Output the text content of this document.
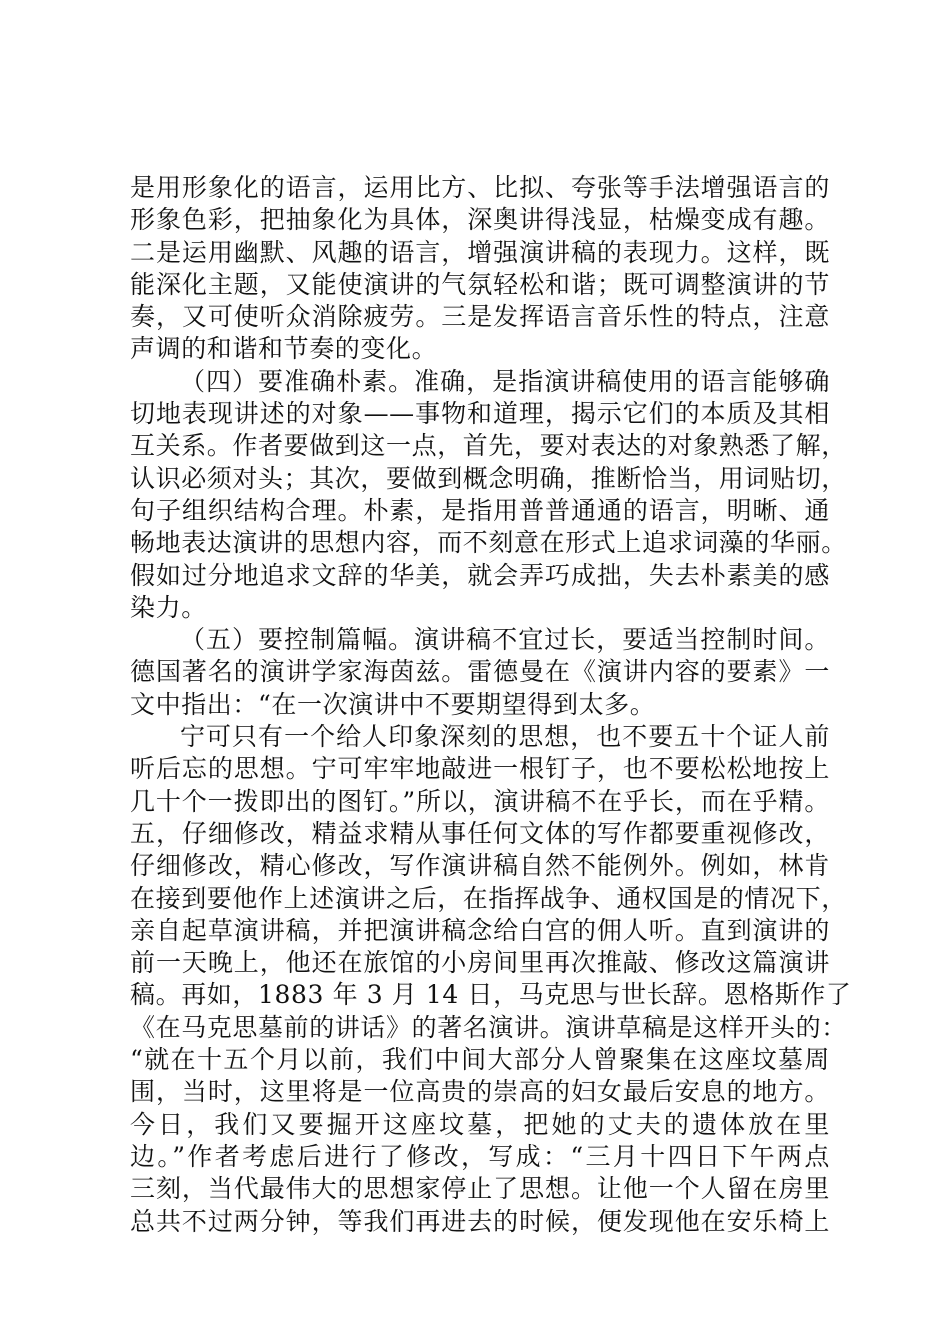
是用形象化的语言，运用比方、比拟、夸张等手法增强语言的
形象色彩，把抽象化为具体，深奥讲得浅显，枯燥变成有趣。
二是运用幽默、风趣的语言，增强演讲稿的表现力。这样，既
能深化主题，又能使演讲的气氛轻松和谐；既可调整演讲的节
奏，又可使听众消除疲劳。三是发挥语言音乐性的特点，注意
声调的和谐和节奏的变化。
（四）要准确朴素。准确，是指演讲稿使用的语言能够确
切地表现讲述的对象——事物和道理，揭示它们的本质及其相
互关系。作者要做到这一点，首先，要对表达的对象熟悉了解，
认识必须对头；其次，要做到概念明确，推断恰当，用词贴切，
句子组织结构合理。朴素，是指用普普通通的语言，明晰、通
畅地表达演讲的思想内容，而不刻意在形式上追求词藻的华丽。
假如过分地追求文辞的华美，就会弄巧成拙，失去朴素美的感
染力。
（五）要控制篇幅。演讲稿不宜过长，要适当控制时间。
德国著名的演讲学家海茵兹。雷德曼在《演讲内容的要素》一
文中指出：“在一次演讲中不要期望得到太多。
宁可只有一个给人印象深刻的思想，也不要五十个证人前
听后忘的思想。宁可牢牢地敲进一根钉子，也不要松松地按上
几十个一拨即出的图钉。”所以，演讲稿不在乎长，而在乎精。
五，仔细修改，精益求精从事任何文体的写作都要重视修改，
仔细修改，精心修改，写作演讲稿自然不能例外。例如，林肯
在接到要他作上述演讲之后，在指挥战争、通权国是的情况下，
亲自起草演讲稿，并把演讲稿念给白宫的佣人听。直到演讲的
前一天晚上，他还在旅馆的小房间里再次推敲、修改这篇演讲
稿。再如，1883 年 3 月 14 日，马克思与世长辞。恩格斯作了
《在马克思墓前的讲话》的著名演讲。演讲草稿是这样开头的：
“就在十五个月以前，我们中间大部分人曾聚集在这座坟墓周
围，当时，这里将是一位高贵的崇高的妇女最后安息的地方。
今日，我们又要掘开这座坟墓，把她的丈夫的遗体放在里
边。”作者考虑后进行了修改，写成：“三月十四日下午两点
三刻，当代最伟大的思想家停止了思想。让他一个人留在房里
总共不过两分钟，等我们再进去的时候，便发现他在安乐椅上
